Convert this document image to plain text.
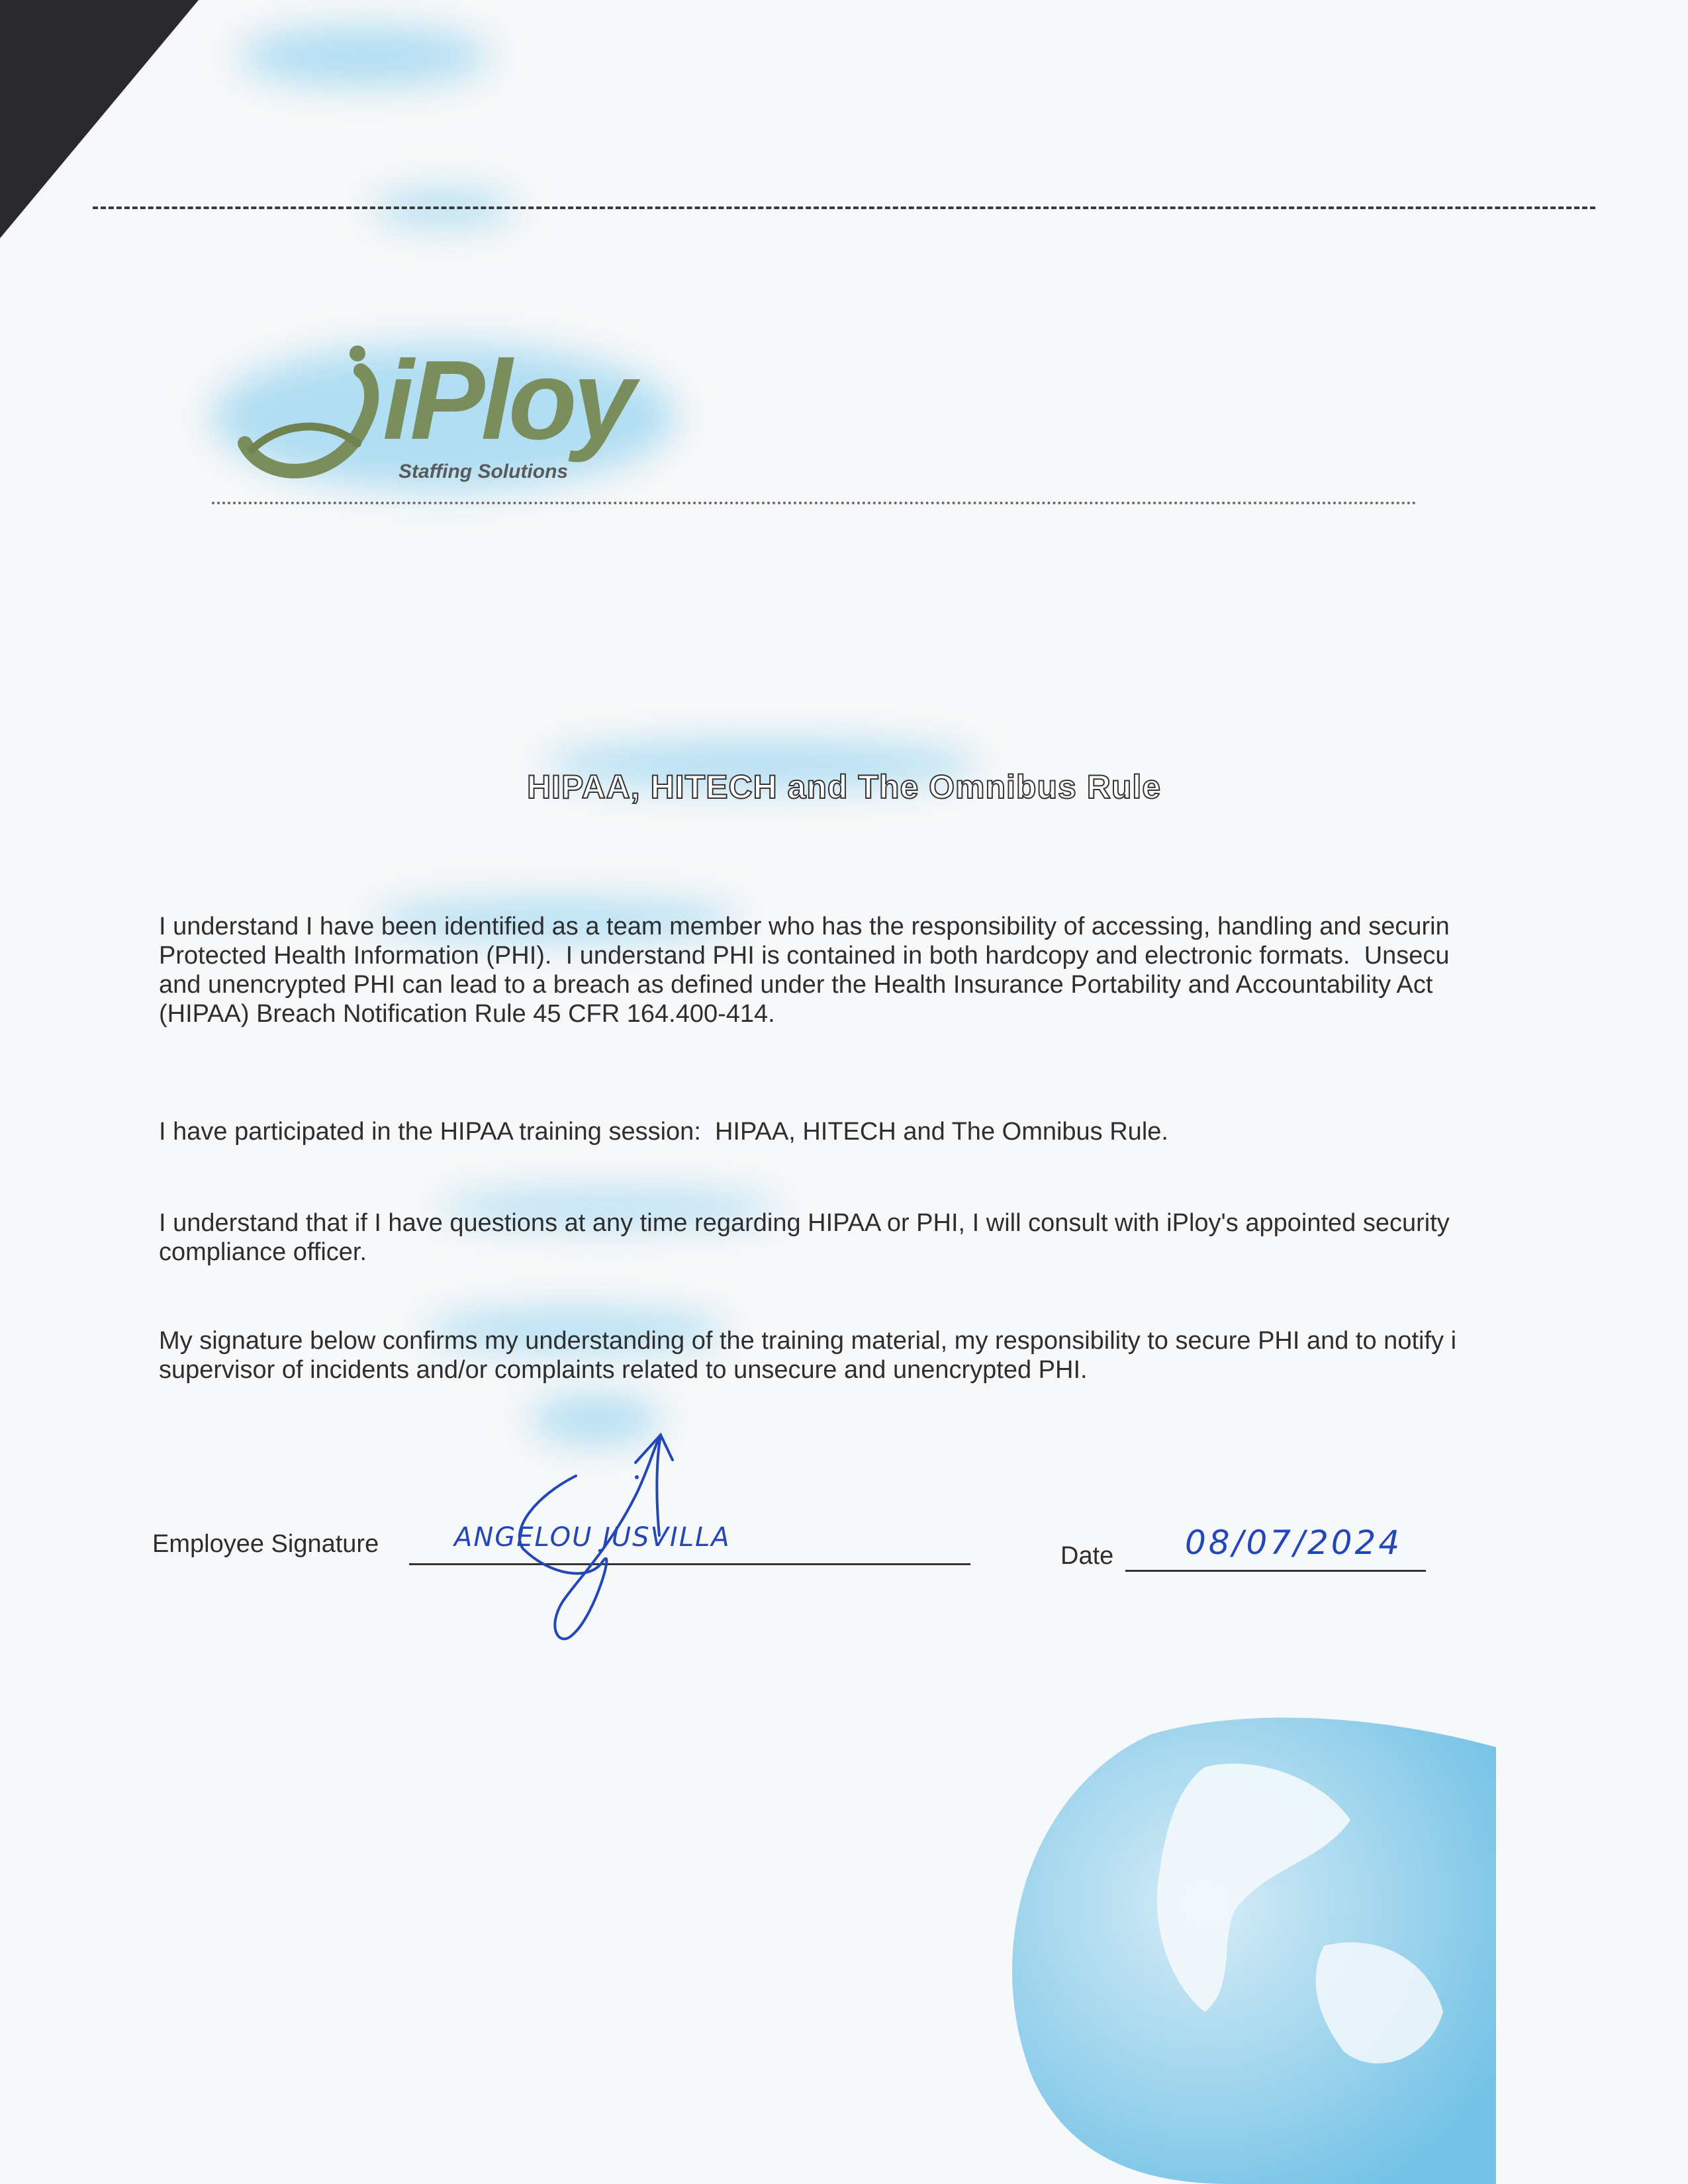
iPloy
Staffing Solutions
HIPAA, HITECH and The Omnibus Rule
I understand I have been identified as a team member who has the responsibility of accessing, handling and securin
Protected Health Information (PHI).  I understand PHI is contained in both hardcopy and electronic formats.  Unsecu
and unencrypted PHI can lead to a breach as defined under the Health Insurance Portability and Accountability Act
(HIPAA) Breach Notification Rule 45 CFR 164.400-414.
I have participated in the HIPAA training session:  HIPAA, HITECH and The Omnibus Rule.
I understand that if I have questions at any time regarding HIPAA or PHI, I will consult with iPloy's appointed security
compliance officer.
My signature below confirms my understanding of the training material, my responsibility to secure PHI and to notify i
supervisor of incidents and/or complaints related to unsecure and unencrypted PHI.
Employee Signature	ANGELOU JUSVILLA
Date 08/07/2024
